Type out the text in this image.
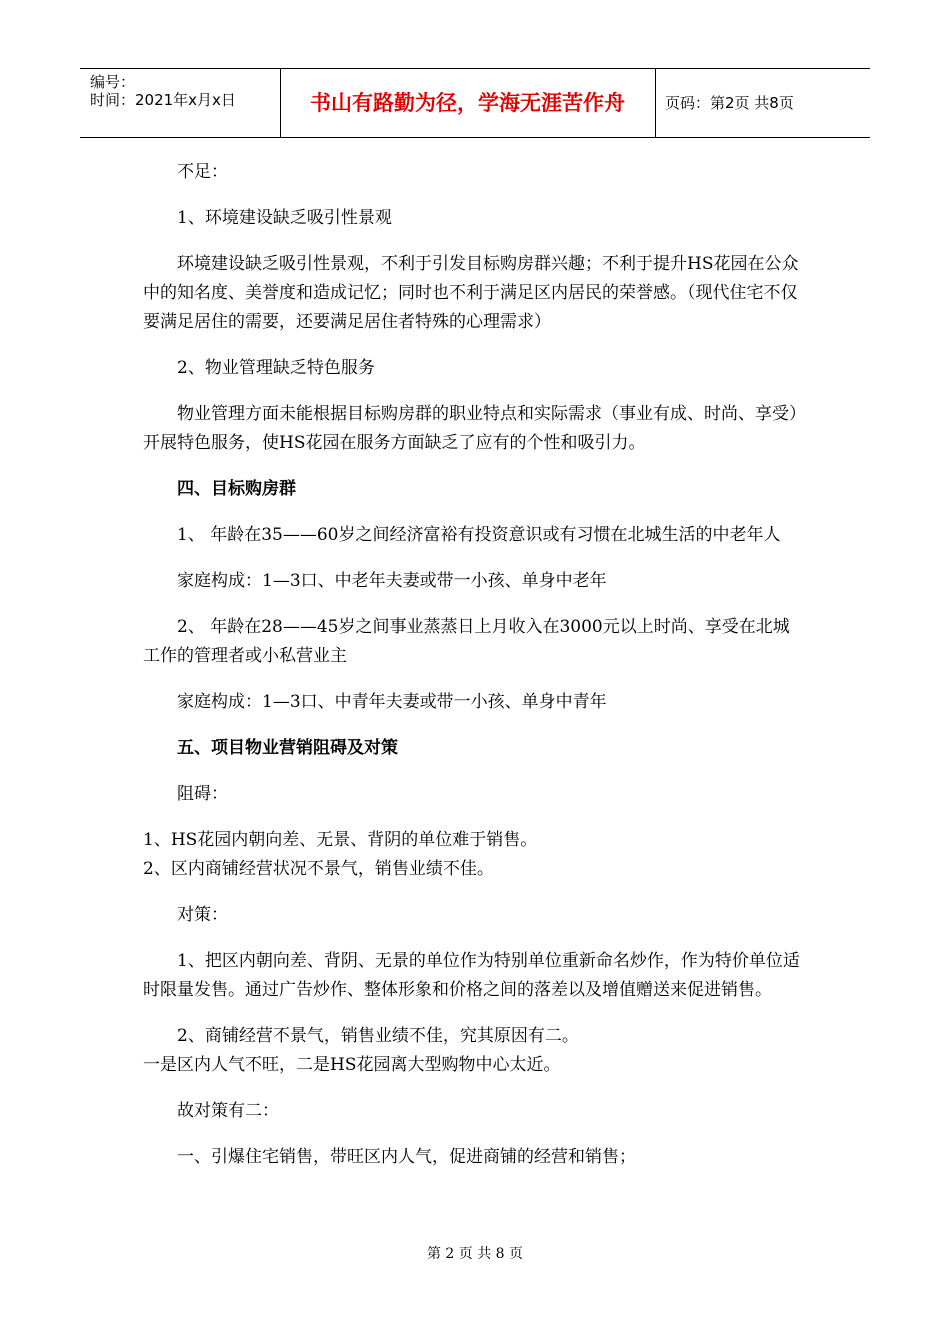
编号：
时间：2021年x月x日	书山有路勤为径，学海无涯苦作舟	页码：第2页 共8页

不足：

1、环境建设缺乏吸引性景观

环境建设缺乏吸引性景观，不利于引发目标购房群兴趣；不利于提升HS花园在公众中的知名度、美誉度和造成记忆；同时也不利于满足区内居民的荣誉感。（现代住宅不仅要满足居住的需要，还要满足居住者特殊的心理需求）

2、物业管理缺乏特色服务

物业管理方面未能根据目标购房群的职业特点和实际需求（事业有成、时尚、享受）开展特色服务，使HS花园在服务方面缺乏了应有的个性和吸引力。

四、目标购房群

1、 年龄在35——60岁之间经济富裕有投资意识或有习惯在北城生活的中老年人

家庭构成：1—3口、中老年夫妻或带一小孩、单身中老年

2、 年龄在28——45岁之间事业蒸蒸日上月收入在3000元以上时尚、享受在北城工作的管理者或小私营业主

家庭构成：1—3口、中青年夫妻或带一小孩、单身中青年

五、项目物业营销阻碍及对策

阻碍：

1、HS花园内朝向差、无景、背阴的单位难于销售。

2、区内商铺经营状况不景气，销售业绩不佳。

对策：

1、把区内朝向差、背阴、无景的单位作为特别单位重新命名炒作，作为特价单位适时限量发售。通过广告炒作、整体形象和价格之间的落差以及增值赠送来促进销售。

2、商铺经营不景气，销售业绩不佳，究其原因有二。

一是区内人气不旺，二是HS花园离大型购物中心太近。

故对策有二：

一、引爆住宅销售，带旺区内人气，促进商铺的经营和销售；

第 2 页 共 8 页
